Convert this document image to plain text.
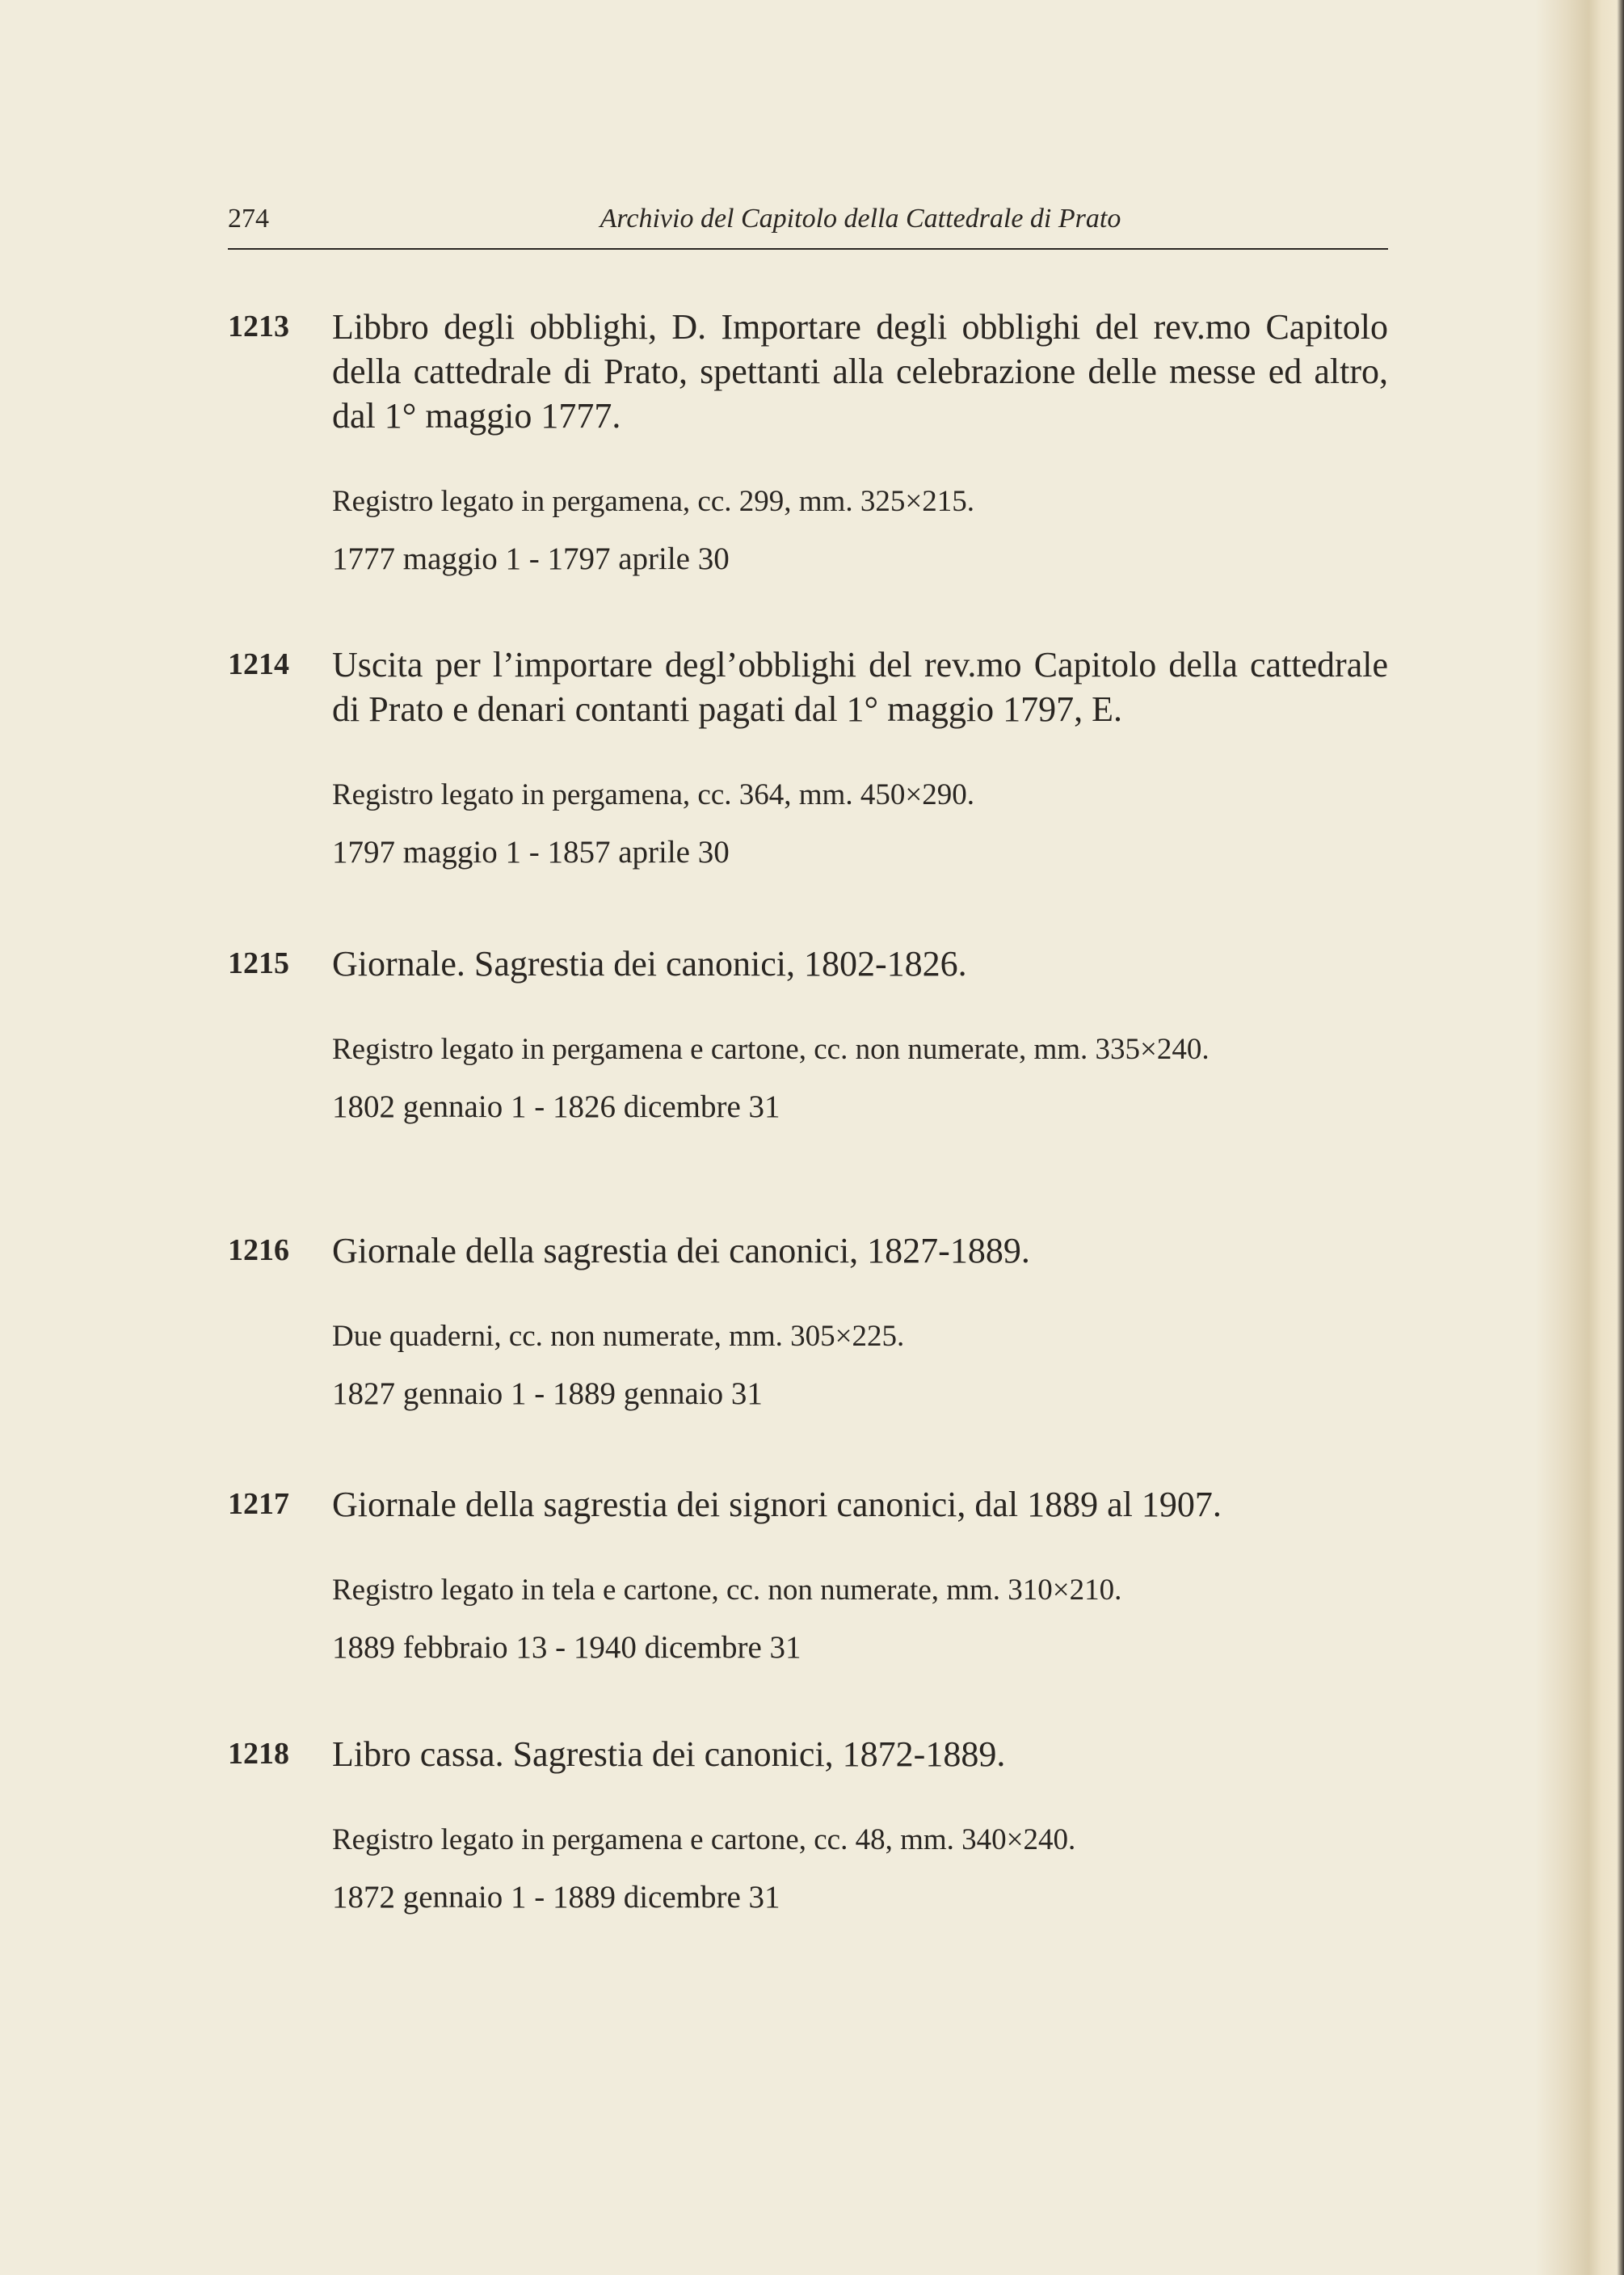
274	Archivio del Capitolo della Cattedrale di Prato
1213 Libbro degli obblighi, D. Importare degli obblighi del rev.mo Capitolo della cattedrale di Prato, spettanti alla celebrazione delle messe ed altro, dal 1° maggio 1777.
Registro legato in pergamena, cc. 299, mm. 325×215.
1777 maggio 1 - 1797 aprile 30
1214 Uscita per l’importare degl’obblighi del rev.mo Capitolo della cattedrale di Prato e denari contanti pagati dal 1° maggio 1797, E.
Registro legato in pergamena, cc. 364, mm. 450×290.
1797 maggio 1 - 1857 aprile 30
1215 Giornale. Sagrestia dei canonici, 1802-1826.
Registro legato in pergamena e cartone, cc. non numerate, mm. 335×240.
1802 gennaio 1 - 1826 dicembre 31
1216 Giornale della sagrestia dei canonici, 1827-1889.
Due quaderni, cc. non numerate, mm. 305×225.
1827 gennaio 1 - 1889 gennaio 31
1217 Giornale della sagrestia dei signori canonici, dal 1889 al 1907.
Registro legato in tela e cartone, cc. non numerate, mm. 310×210.
1889 febbraio 13 - 1940 dicembre 31
1218 Libro cassa. Sagrestia dei canonici, 1872-1889.
Registro legato in pergamena e cartone, cc. 48, mm. 340×240.
1872 gennaio 1 - 1889 dicembre 31
